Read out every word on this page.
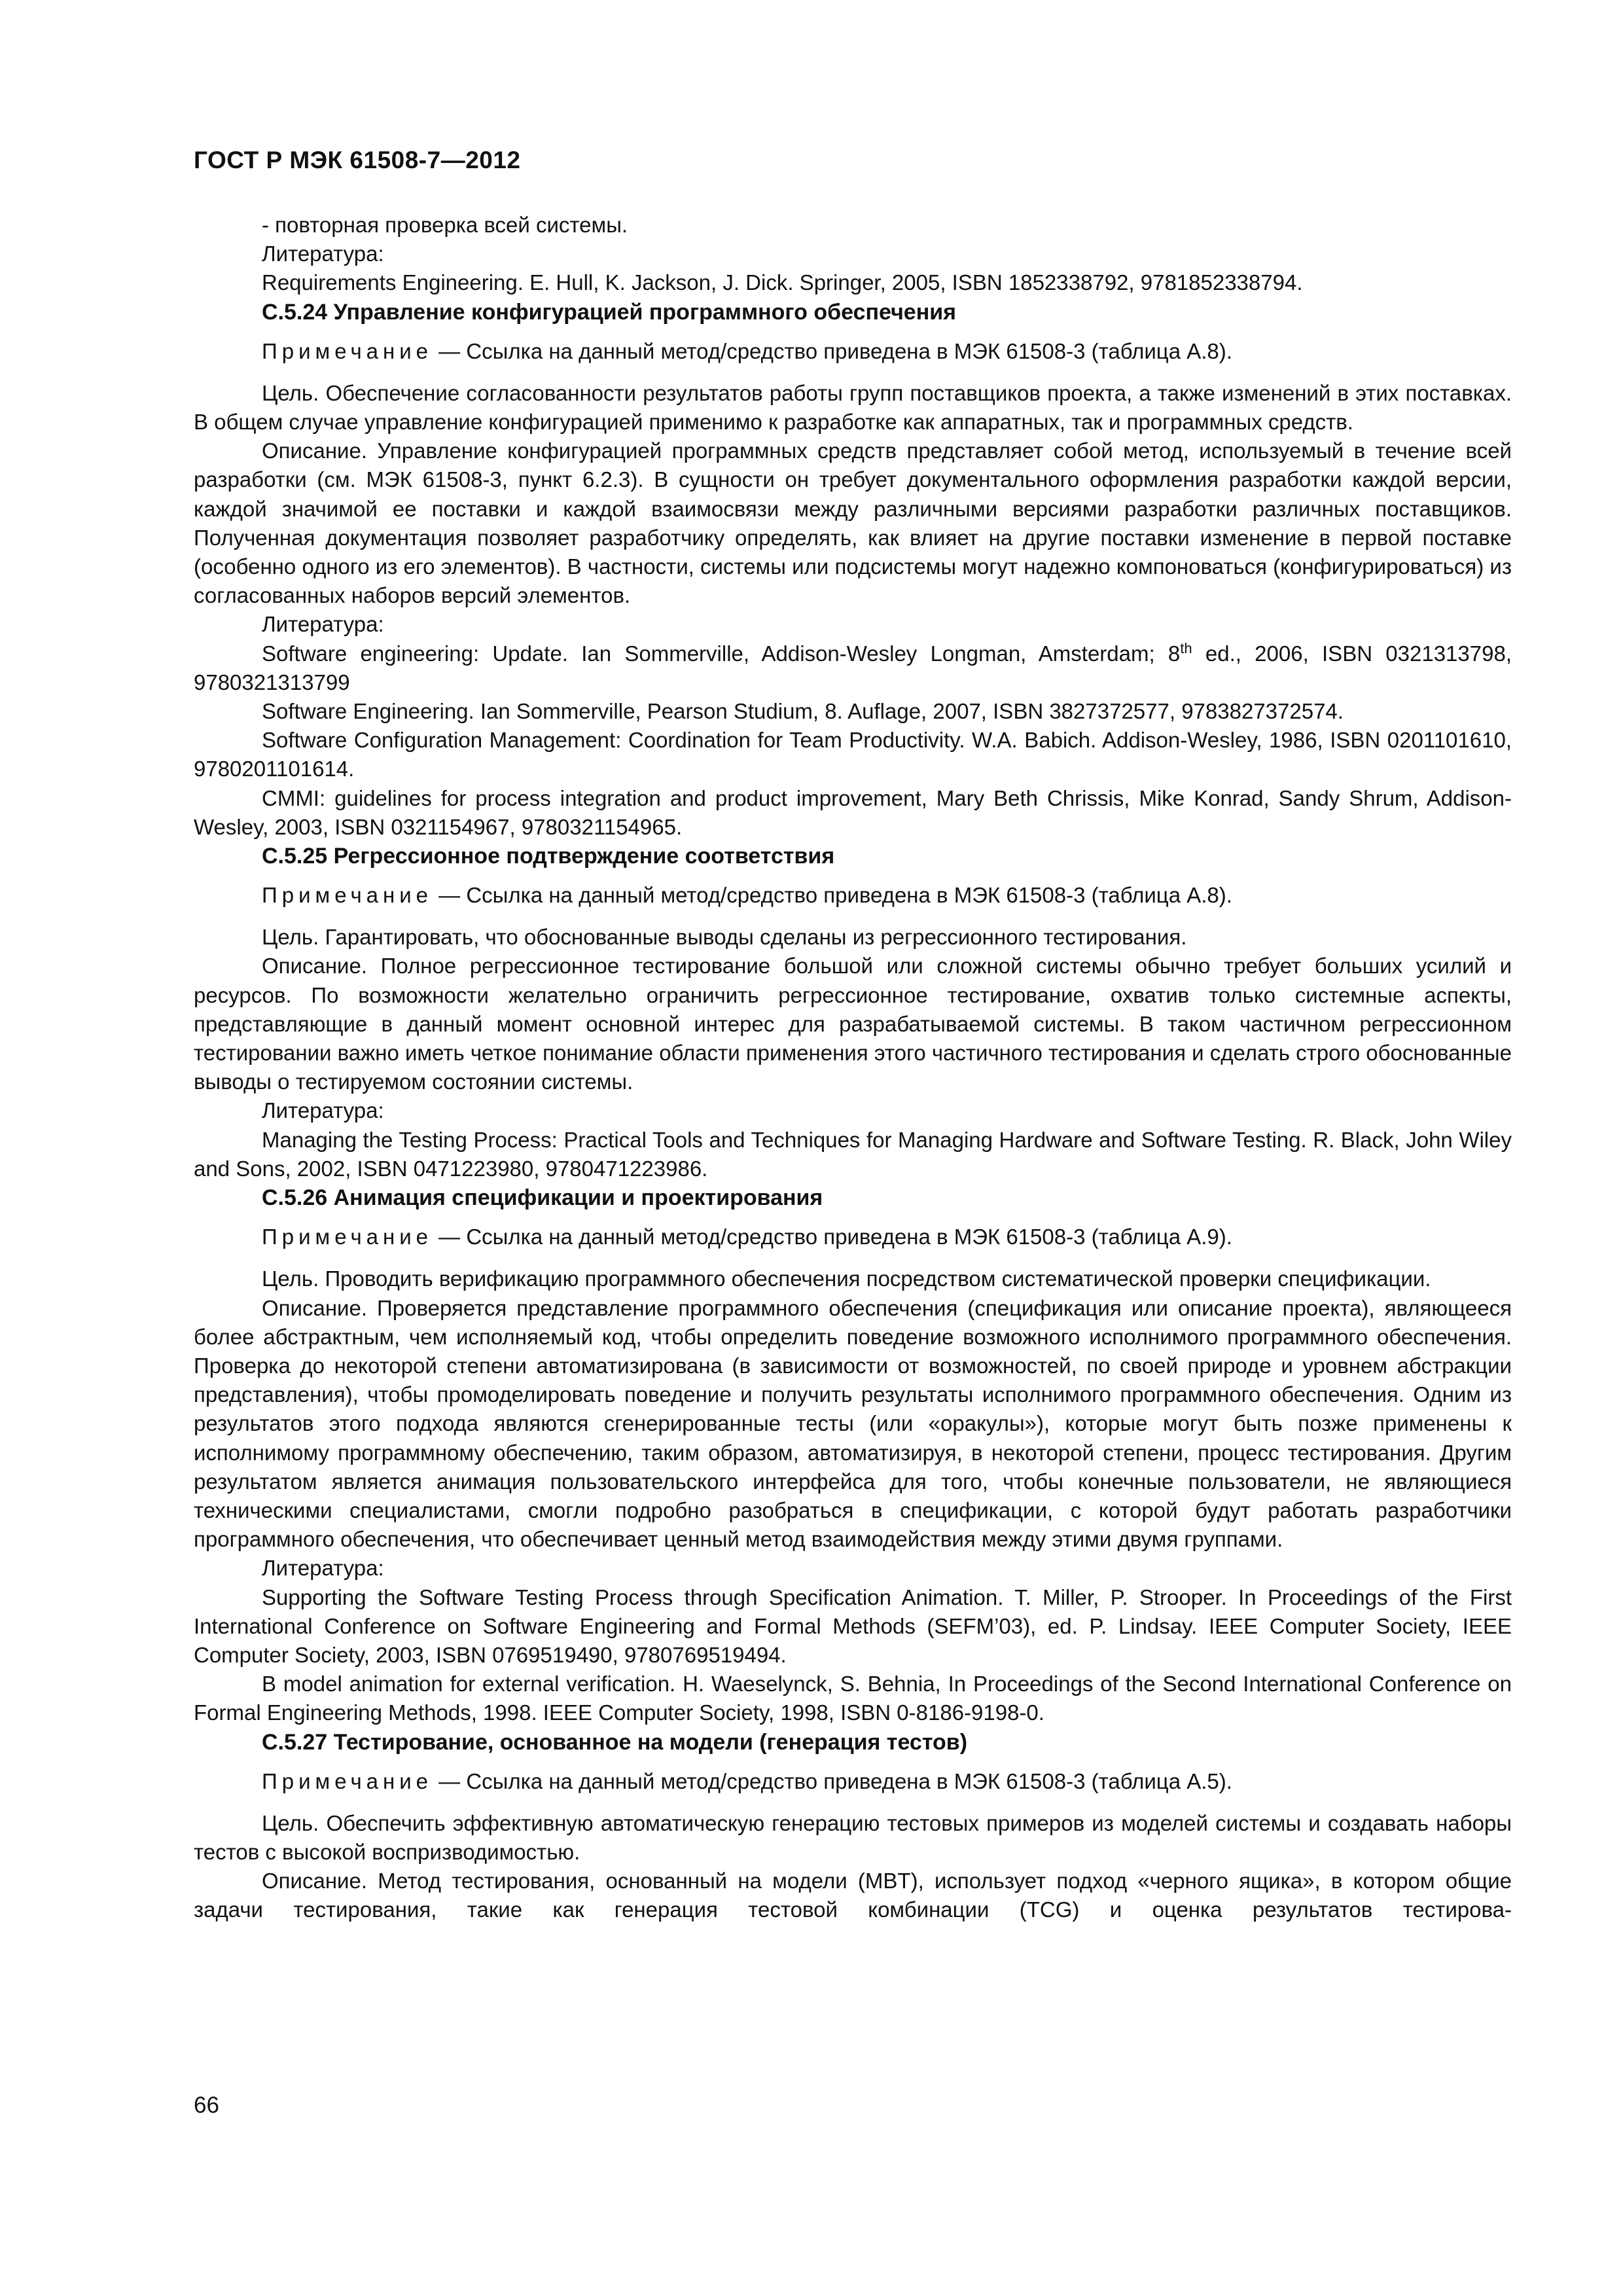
ГОСТ Р МЭК 61508-7—2012

- повторная проверка всей системы.

Литература:

Requirements Engineering. E. Hull, K. Jackson, J. Dick. Springer, 2005, ISBN 1852338792, 9781852338794.

С.5.24 Управление конфигурацией программного обеспечения

Примечание — Ссылка на данный метод/средство приведена в МЭК 61508-3 (таблица А.8).

Цель. Обеспечение согласованности результатов работы групп поставщиков проекта, а также изменений в этих поставках. В общем случае управление конфигурацией применимо к разработке как аппаратных, так и программных средств.

Описание. Управление конфигурацией программных средств представляет собой метод, используемый в течение всей разработки (см. МЭК 61508-3, пункт 6.2.3). В сущности он требует документального оформления разработки каждой версии, каждой значимой ее поставки и каждой взаимосвязи между различными версиями разработки различных поставщиков. Полученная документация позволяет разработчику определять, как влияет на другие поставки изменение в первой поставке (особенно одного из его элементов). В частности, системы или подсистемы могут надежно компоноваться (конфигурироваться) из согласованных наборов версий элементов.

Литература:

Software engineering: Update. Ian Sommerville, Addison-Wesley Longman, Amsterdam; 8th ed., 2006, ISBN 0321313798, 9780321313799

Software Engineering. Ian Sommerville, Pearson Studium, 8. Auflage, 2007, ISBN 3827372577, 9783827372574.

Software Configuration Management: Coordination for Team Productivity. W.A. Babich. Addison-Wesley, 1986, ISBN 0201101610, 9780201101614.

CMMI: guidelines for process integration and product improvement, Mary Beth Chrissis, Mike Konrad, Sandy Shrum, Addison-Wesley, 2003, ISBN 0321154967, 9780321154965.

С.5.25 Регрессионное подтверждение соответствия

Примечание — Ссылка на данный метод/средство приведена в МЭК 61508-3 (таблица А.8).

Цель. Гарантировать, что обоснованные выводы сделаны из регрессионного тестирования.

Описание. Полное регрессионное тестирование большой или сложной системы обычно требует больших усилий и ресурсов. По возможности желательно ограничить регрессионное тестирование, охватив только системные аспекты, представляющие в данный момент основной интерес для разрабатываемой системы. В таком частичном регрессионном тестировании важно иметь четкое понимание области применения этого частичного тестирования и сделать строго обоснованные выводы о тестируемом состоянии системы.

Литература:

Managing the Testing Process: Practical Tools and Techniques for Managing Hardware and Software Testing. R. Black, John Wiley and Sons, 2002, ISBN 0471223980, 9780471223986.

С.5.26 Анимация спецификации и проектирования

Примечание — Ссылка на данный метод/средство приведена в МЭК 61508-3 (таблица А.9).

Цель. Проводить верификацию программного обеспечения посредством систематической проверки спецификации.

Описание. Проверяется представление программного обеспечения (спецификация или описание проекта), являющееся более абстрактным, чем исполняемый код, чтобы определить поведение возможного исполнимого программного обеспечения. Проверка до некоторой степени автоматизирована (в зависимости от возможностей, по своей природе и уровнем абстракции представления), чтобы промоделировать поведение и получить результаты исполнимого программного обеспечения. Одним из результатов этого подхода являются сгенерированные тесты (или «оракулы»), которые могут быть позже применены к исполнимому программному обеспечению, таким образом, автоматизируя, в некоторой степени, процесс тестирования. Другим результатом является анимация пользовательского интерфейса для того, чтобы конечные пользователи, не являющиеся техническими специалистами, смогли подробно разобраться в спецификации, с которой будут работать разработчики программного обеспечения, что обеспечивает ценный метод взаимодействия между этими двумя группами.

Литература:

Supporting the Software Testing Process through Specification Animation. T. Miller, P. Strooper. In Proceedings of the First International Conference on Software Engineering and Formal Methods (SEFM’03), ed. P. Lindsay. IEEE Computer Society, IEEE Computer Society, 2003, ISBN 0769519490, 9780769519494.

B model animation for external verification. H. Waeselynck, S. Behnia, In Proceedings of the Second International Conference on Formal Engineering Methods, 1998. IEEE Computer Society, 1998, ISBN 0-8186-9198-0.

С.5.27 Тестирование, основанное на модели (генерация тестов)

Примечание — Ссылка на данный метод/средство приведена в МЭК 61508-3 (таблица А.5).

Цель. Обеспечить эффективную автоматическую генерацию тестовых примеров из моделей системы и создавать наборы тестов с высокой воспризводимостью.

Описание. Метод тестирования, основанный на модели (MBT), использует подход «черного ящика», в котором общие задачи тестирования, такие как генерация тестовой комбинации (TCG) и оценка результатов тестирова-

66
